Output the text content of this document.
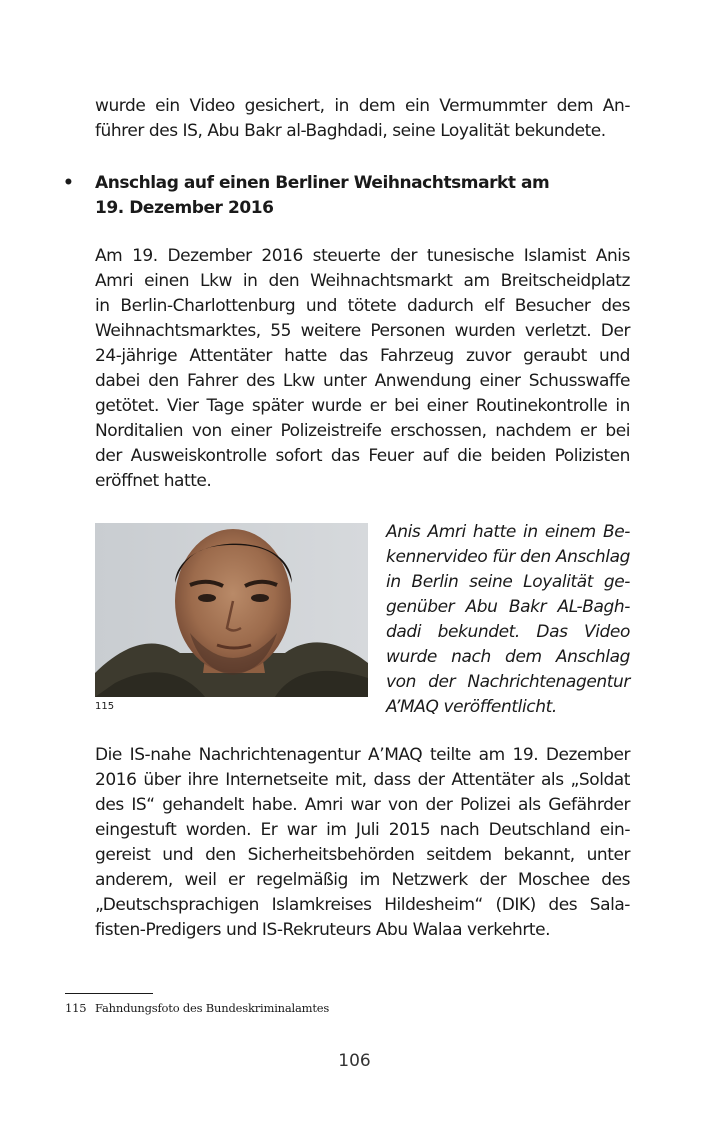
wurde ein Video gesichert, in dem ein Vermummter dem An-
führer des IS, Abu Bakr al-Baghdadi, seine Loyalität bekundete.

• Anschlag auf einen Berliner Weihnachtsmarkt am
19. Dezember 2016

Am 19. Dezember 2016 steuerte der tunesische Islamist Anis
Amri einen Lkw in den Weihnachtsmarkt am Breitscheidplatz
in Berlin-Charlottenburg und tötete dadurch elf Besucher des
Weihnachtsmarktes, 55 weitere Personen wurden verletzt. Der
24-jährige Attentäter hatte das Fahrzeug zuvor geraubt und
dabei den Fahrer des Lkw unter Anwendung einer Schusswaffe
getötet. Vier Tage später wurde er bei einer Routinekontrolle in
Norditalien von einer Polizeistreife erschossen, nachdem er bei
der Ausweiskontrolle sofort das Feuer auf die beiden Polizisten
eröffnet hatte.

115

Anis Amri hatte in einem Be-
kennervideo für den Anschlag
in Berlin seine Loyalität ge-
genüber Abu Bakr AL-Bagh-
dadi bekundet. Das Video
wurde nach dem Anschlag
von der Nachrichtenagentur
A’MAQ veröffentlicht.

Die IS-nahe Nachrichtenagentur A’MAQ teilte am 19. Dezember
2016 über ihre Internetseite mit, dass der Attentäter als „Soldat
des IS“ gehandelt habe. Amri war von der Polizei als Gefährder
eingestuft worden. Er war im Juli 2015 nach Deutschland ein-
gereist und den Sicherheitsbehörden seitdem bekannt, unter
anderem, weil er regelmäßig im Netzwerk der Moschee des
„Deutschsprachigen Islamkreises Hildesheim“ (DIK) des Sala-
fisten-Predigers und IS-Rekruteurs Abu Walaa verkehrte.

115 Fahndungsfoto des Bundeskriminalamtes
106
